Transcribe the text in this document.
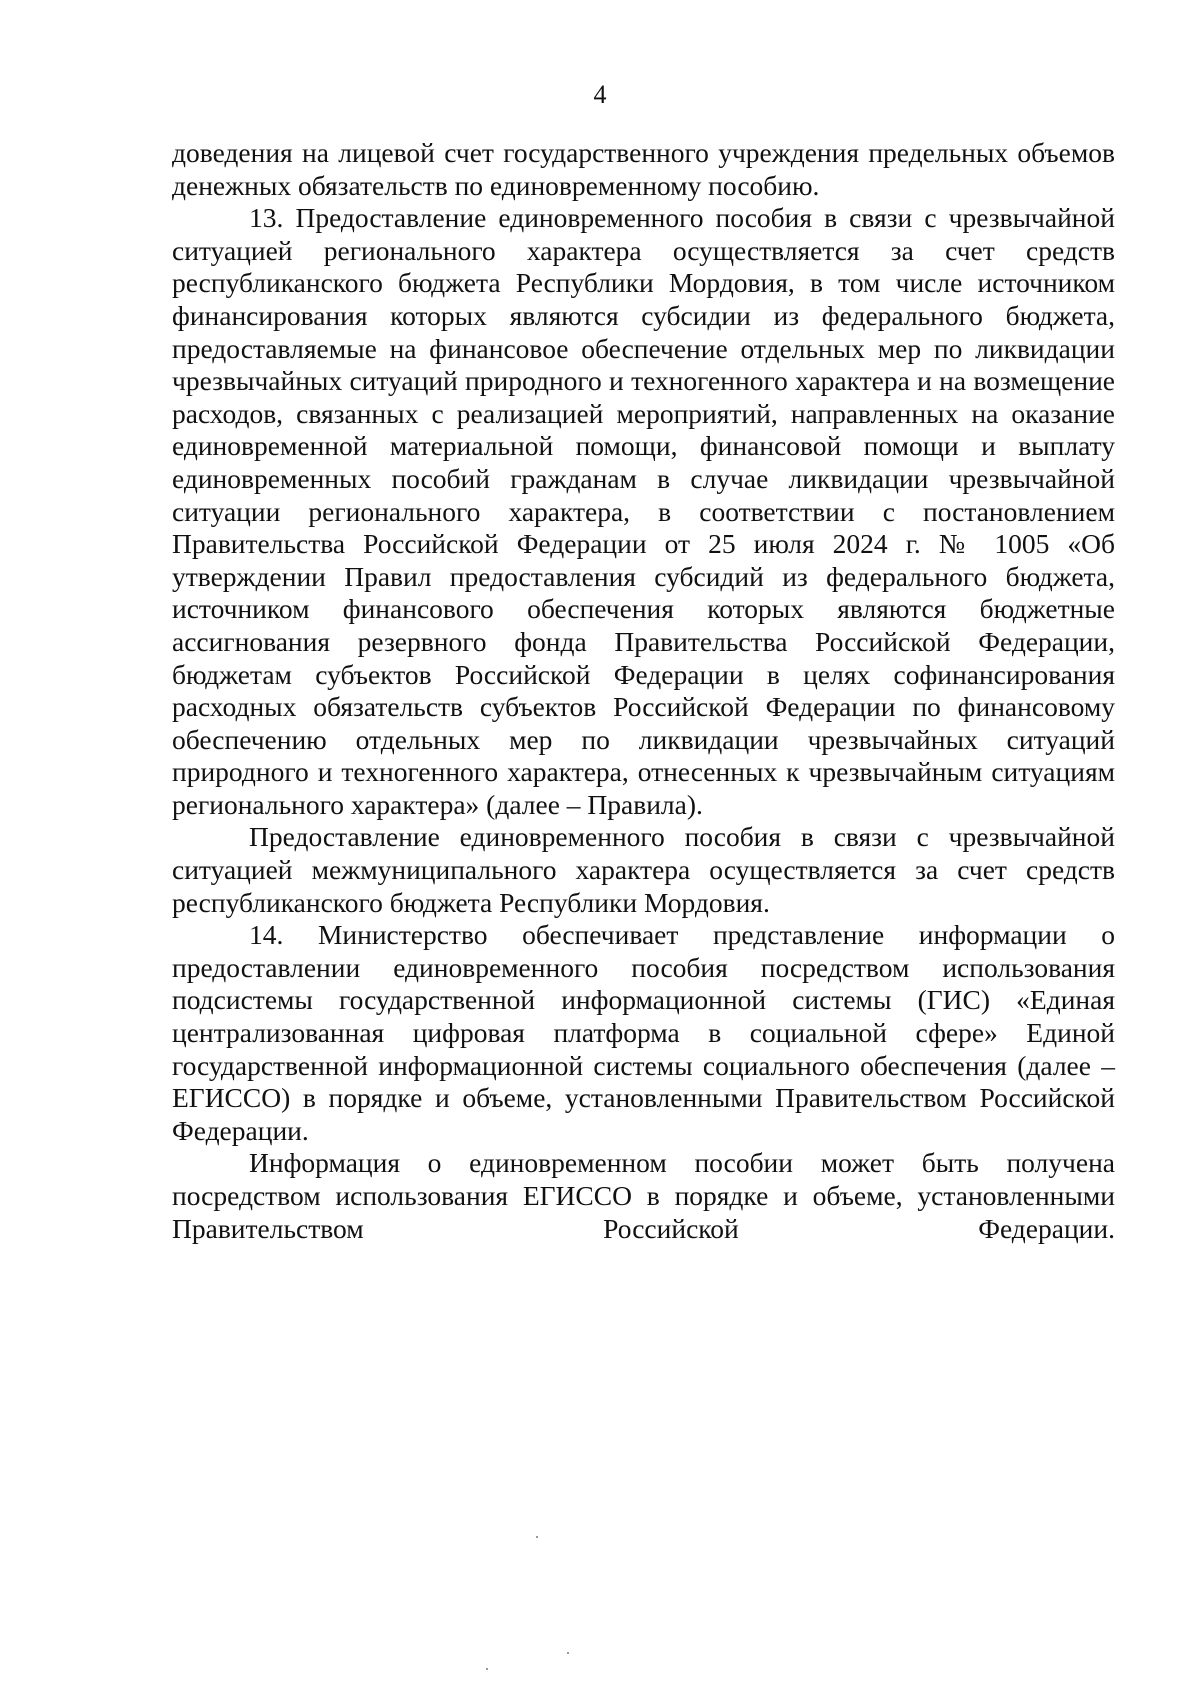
4

доведения на лицевой счет государственного учреждения предельных объемов денежных обязательств по единовременному пособию.

13. Предоставление единовременного пособия в связи с чрезвычайной ситуацией регионального характера осуществляется за счет средств республиканского бюджета Республики Мордовия, в том числе источником финансирования которых являются субсидии из федерального бюджета, предоставляемые на финансовое обеспечение отдельных мер по ликвидации чрезвычайных ситуаций природного и техногенного характера и на возмещение расходов, связанных с реализацией мероприятий, направленных на оказание единовременной материальной помощи, финансовой помощи и выплату единовременных пособий гражданам в случае ликвидации чрезвычайной ситуации регионального характера, в соответствии с постановлением Правительства Российской Федерации от 25 июля 2024 г. № 1005 «Об утверждении Правил предоставления субсидий из федерального бюджета, источником финансового обеспечения которых являются бюджетные ассигнования резервного фонда Правительства Российской Федерации, бюджетам субъектов Российской Федерации в целях софинансирования расходных обязательств субъектов Российской Федерации по финансовому обеспечению отдельных мер по ликвидации чрезвычайных ситуаций природного и техногенного характера, отнесенных к чрезвычайным ситуациям регионального характера» (далее – Правила).

Предоставление единовременного пособия в связи с чрезвычайной ситуацией межмуниципального характера осуществляется за счет средств республиканского бюджета Республики Мордовия.

14. Министерство обеспечивает представление информации о предоставлении единовременного пособия посредством использования подсистемы государственной информационной системы (ГИС) «Единая централизованная цифровая платформа в социальной сфере» Единой государственной информационной системы социального обеспечения (далее – ЕГИССО) в порядке и объеме, установленными Правительством Российской Федерации.

Информация о единовременном пособии может быть получена посредством использования ЕГИССО в порядке и объеме, установленными Правительством Российской Федерации.
